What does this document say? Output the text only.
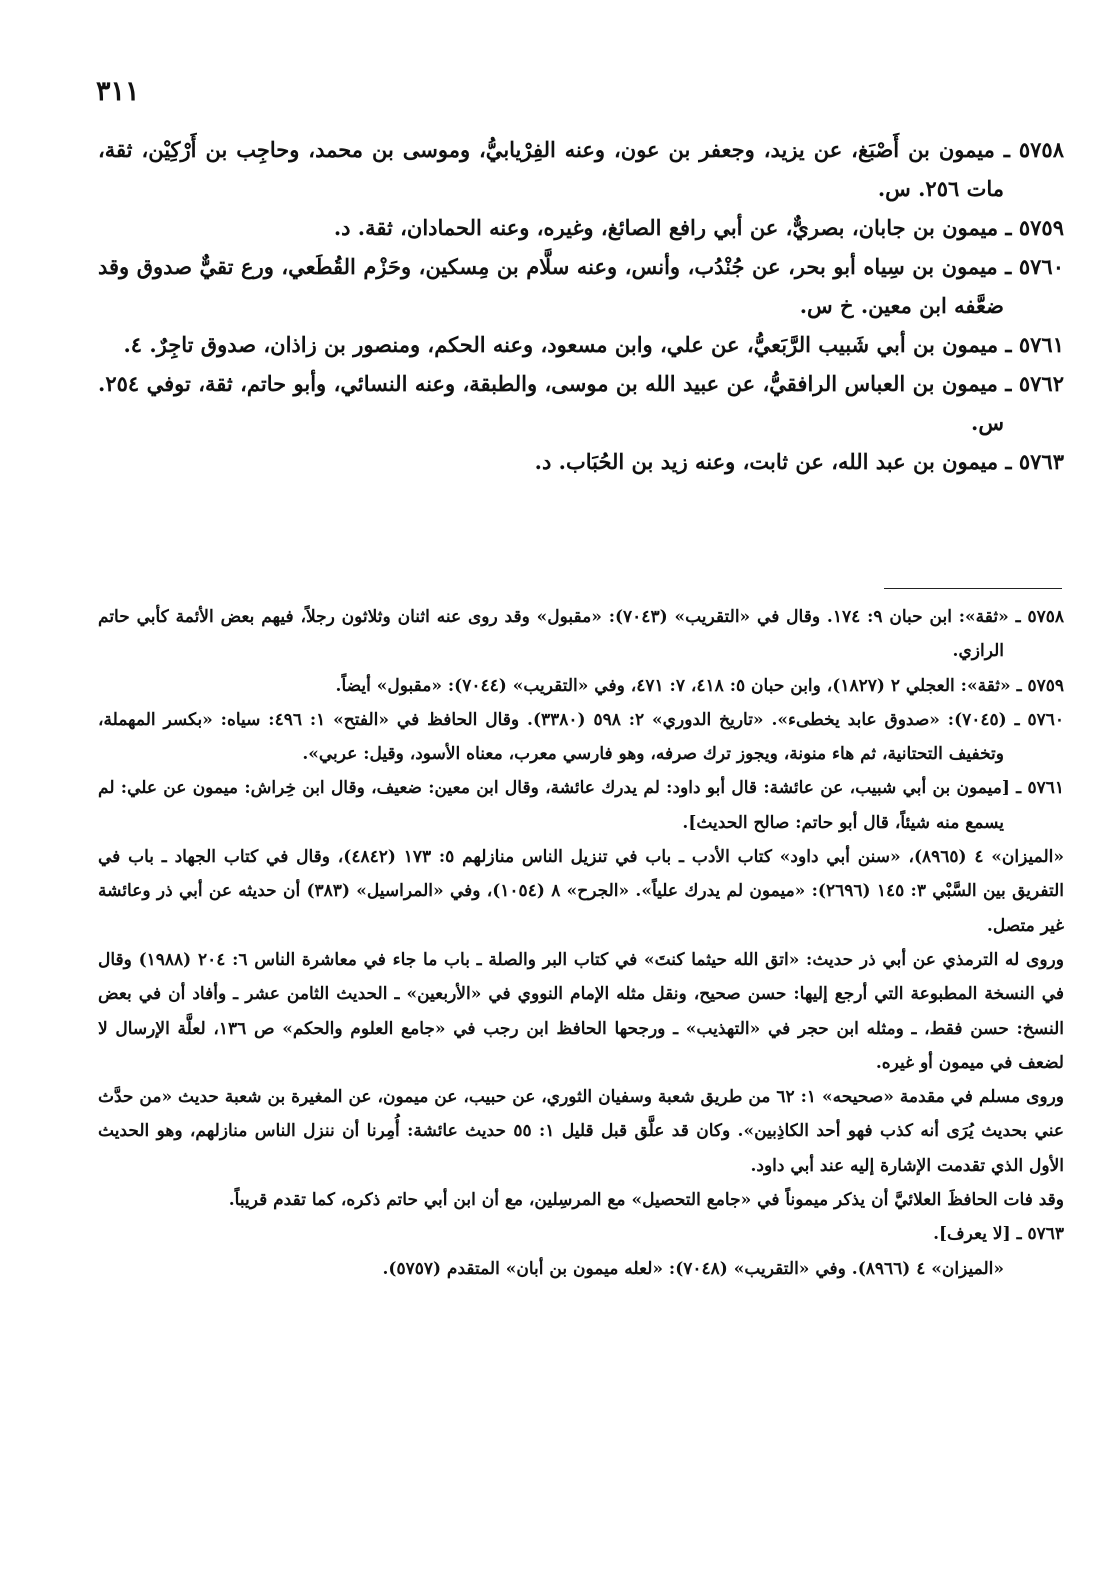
٣١١

٥٧٥٨ ـ ميمون بن أَصْبَغ، عن يزيد، وجعفر بن عون، وعنه الفِرْيابيُّ، وموسى بن محمد، وحاجِب بن أَرْكِيْن، ثقة، مات ٢٥٦. س.

٥٧٥٩ ـ ميمون بن جابان، بصريٌّ، عن أبي رافع الصائغ، وغيره، وعنه الحمادان، ثقة. د.

٥٧٦٠ ـ ميمون بن سِياه أبو بحر، عن جُنْدُب، وأنس، وعنه سلَّام بن مِسكين، وحَزْم القُطَعي، ورع تقيٌّ صدوق وقد ضعَّفه ابن معين. خ س.

٥٧٦١ ـ ميمون بن أبي شَبيب الرَّبَعيُّ، عن علي، وابن مسعود، وعنه الحكم، ومنصور بن زاذان، صدوق تاجِرٌ. ٤.

٥٧٦٢ ـ ميمون بن العباس الرافقيُّ، عن عبيد الله بن موسى، والطبقة، وعنه النسائي، وأبو حاتم، ثقة، توفي ٢٥٤. س.

٥٧٦٣ ـ ميمون بن عبد الله، عن ثابت، وعنه زيد بن الحُبَاب. د.

٥٧٥٨ ـ «ثقة»: ابن حبان ٩: ١٧٤. وقال في «التقريب» (٧٠٤٣): «مقبول» وقد روى عنه اثنان وثلاثون رجلاً، فيهم بعض الأئمة كأبي حاتم الرازي.

٥٧٥٩ ـ «ثقة»: العجلي ٢ (١٨٢٧)، وابن حبان ٥: ٤١٨، ٧: ٤٧١، وفي «التقريب» (٧٠٤٤): «مقبول» أيضاً.

٥٧٦٠ ـ (٧٠٤٥): «صدوق عابد يخطىء». «تاريخ الدوري» ٢: ٥٩٨ (٣٣٨٠). وقال الحافظ في «الفتح» ١: ٤٩٦: سياه: «بكسر المهملة، وتخفيف التحتانية، ثم هاء منونة، ويجوز ترك صرفه، وهو فارسي معرب، معناه الأسود، وقيل: عربي».

٥٧٦١ ـ [ميمون بن أبي شبيب، عن عائشة: قال أبو داود: لم يدرك عائشة، وقال ابن معين: ضعيف، وقال ابن خِراش: ميمون عن علي: لم يسمع منه شيئاً، قال أبو حاتم: صالح الحديث].

«الميزان» ٤ (٨٩٦٥)، «سنن أبي داود» كتاب الأدب ـ باب في تنزيل الناس منازلهم ٥: ١٧٣ (٤٨٤٢)، وقال في كتاب الجهاد ـ باب في التفريق بين السَّبْي ٣: ١٤٥ (٢٦٩٦): «ميمون لم يدرك علياً». «الجرح» ٨ (١٠٥٤)، وفي «المراسيل» (٣٨٣) أن حديثه عن أبي ذر وعائشة غير متصل.

وروى له الترمذي عن أبي ذر حديث: «اتق الله حيثما كنتَ» في كتاب البر والصلة ـ باب ما جاء في معاشرة الناس ٦: ٢٠٤ (١٩٨٨) وقال في النسخة المطبوعة التي أرجع إليها: حسن صحيح، ونقل مثله الإمام النووي في «الأربعين» ـ الحديث الثامن عشر ـ وأفاد أن في بعض النسخ: حسن فقط، ـ ومثله ابن حجر في «التهذيب» ـ ورجحها الحافظ ابن رجب في «جامع العلوم والحكم» ص ١٣٦، لعلَّة الإرسال لا لضعف في ميمون أو غيره.

وروى مسلم في مقدمة «صحيحه» ١: ٦٢ من طريق شعبة وسفيان الثوري، عن حبيب، عن ميمون، عن المغيرة بن شعبة حديث «من حدَّث عني بحديث يُرَى أنه كذب فهو أحد الكاذِبين». وكان قد علَّق قبل قليل ١: ٥٥ حديث عائشة: أُمِرنا أن ننزل الناس منازلهم، وهو الحديث الأول الذي تقدمت الإشارة إليه عند أبي داود.

وقد فات الحافظَ العلائيَّ أن يذكر ميموناً في «جامع التحصيل» مع المرسِلين، مع أن ابن أبي حاتم ذكره، كما تقدم قريباً.

٥٧٦٣ ـ [لا يعرف].

«الميزان» ٤ (٨٩٦٦). وفي «التقريب» (٧٠٤٨): «لعله ميمون بن أبان» المتقدم (٥٧٥٧).
